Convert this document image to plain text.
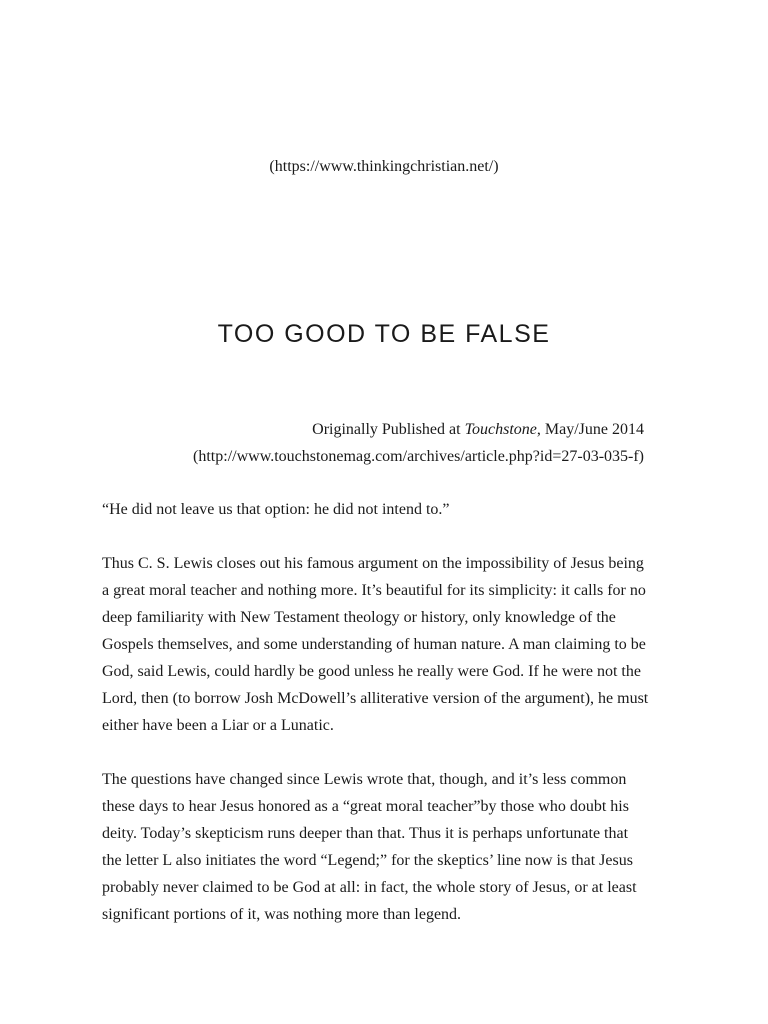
(https://www.thinkingchristian.net/)
TOO GOOD TO BE FALSE
Originally Published at Touchstone, May/June 2014
(http://www.touchstonemag.com/archives/article.php?id=27-03-035-f)

“He did not leave us that option: he did not intend to.”

Thus C. S. Lewis closes out his famous argument on the impossibility of Jesus being a great moral teacher and nothing more. It’s beautiful for its simplicity: it calls for no deep familiarity with New Testament theology or history, only knowledge of the Gospels themselves, and some understanding of human nature. A man claiming to be God, said Lewis, could hardly be good unless he really were God. If he were not the Lord, then (to borrow Josh McDowell’s alliterative version of the argument), he must either have been a Liar or a Lunatic.

The questions have changed since Lewis wrote that, though, and it’s less common these days to hear Jesus honored as a “great moral teacher”by those who doubt his deity. Today’s skepticism runs deeper than that. Thus it is perhaps unfortunate that the letter L also initiates the word “Legend;” for the skeptics’ line now is that Jesus probably never claimed to be God at all: in fact, the whole story of Jesus, or at least significant portions of it, was nothing more than legend.
